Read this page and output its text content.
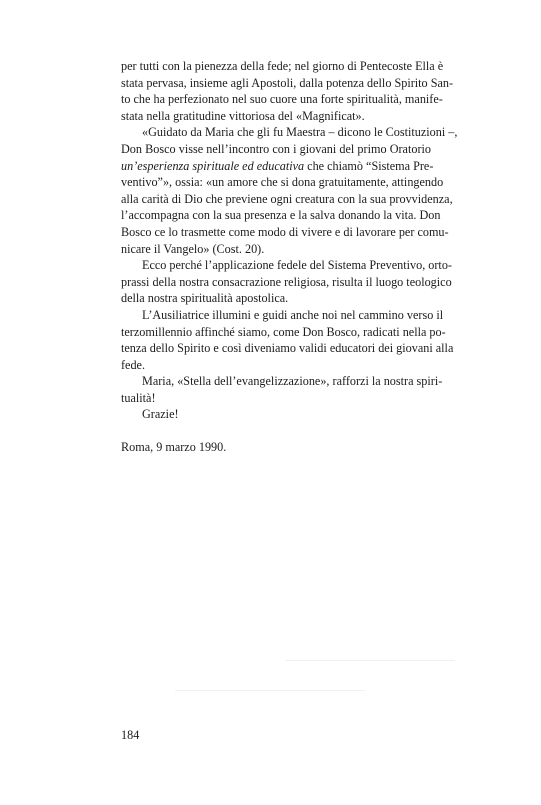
per tutti con la pienezza della fede; nel giorno di Pentecoste Ella è
stata pervasa, insieme agli Apostoli, dalla potenza dello Spirito San-
to che ha perfezionato nel suo cuore una forte spiritualità, manife-
stata nella gratitudine vittoriosa del «Magnificat».

«Guidato da Maria che gli fu Maestra – dicono le Costituzioni –,
Don Bosco visse nell’incontro con i giovani del primo Oratorio
un’esperienza spirituale ed educativa che chiamò “Sistema Pre-
ventivo”», ossia: «un amore che si dona gratuitamente, attingendo
alla carità di Dio che previene ogni creatura con la sua provvidenza,
l’accompagna con la sua presenza e la salva donando la vita. Don
Bosco ce lo trasmette come modo di vivere e di lavorare per comu-
nicare il Vangelo» (Cost. 20).

Ecco perché l’applicazione fedele del Sistema Preventivo, orto-
prassi della nostra consacrazione religiosa, risulta il luogo teologico
della nostra spiritualità apostolica.

L’Ausiliatrice illumini e guidi anche noi nel cammino verso il
terzomillennio affinché siamo, come Don Bosco, radicati nella po-
tenza dello Spirito e così diveniamo validi educatori dei giovani alla
fede.

Maria, «Stella dell’evangelizzazione», rafforzi la nostra spiri-
tualità!

Grazie!

Roma, 9 marzo 1990.

184
